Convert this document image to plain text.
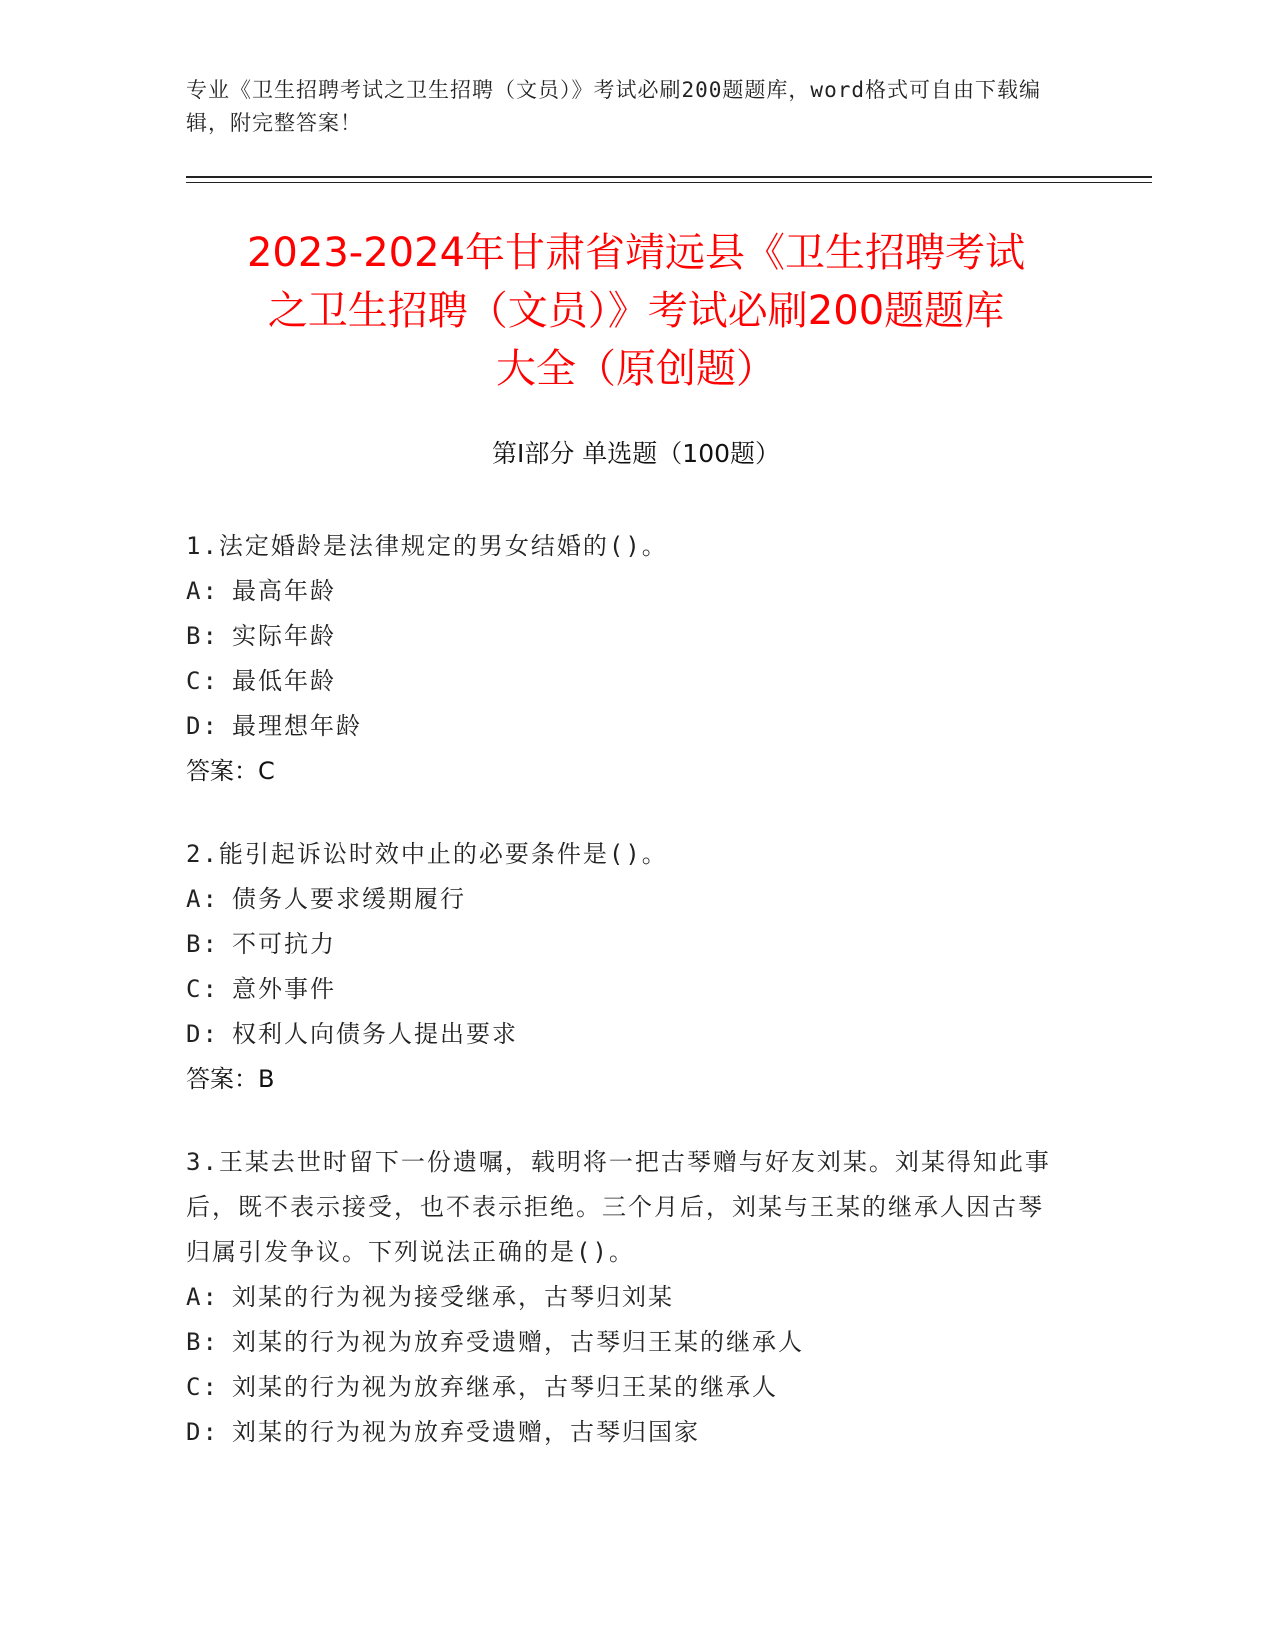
专业《卫生招聘考试之卫生招聘（文员）》考试必刷200题题库，word格式可自由下载编辑，附完整答案！
2023-2024年甘肃省靖远县《卫生招聘考试
之卫生招聘（文员）》考试必刷200题题库
大全（原创题）
第Ⅰ部分 单选题（100题）
1.法定婚龄是法律规定的男女结婚的()。
A: 最高年龄
B: 实际年龄
C: 最低年龄
D: 最理想年龄
答案：C
2.能引起诉讼时效中止的必要条件是()。
A: 债务人要求缓期履行
B: 不可抗力
C: 意外事件
D: 权利人向债务人提出要求
答案：B
3.王某去世时留下一份遗嘱，载明将一把古琴赠与好友刘某。刘某得知此事后，既不表示接受，也不表示拒绝。三个月后，刘某与王某的继承人因古琴归属引发争议。下列说法正确的是()。
A: 刘某的行为视为接受继承，古琴归刘某
B: 刘某的行为视为放弃受遗赠，古琴归王某的继承人
C: 刘某的行为视为放弃继承，古琴归王某的继承人
D: 刘某的行为视为放弃受遗赠，古琴归国家
